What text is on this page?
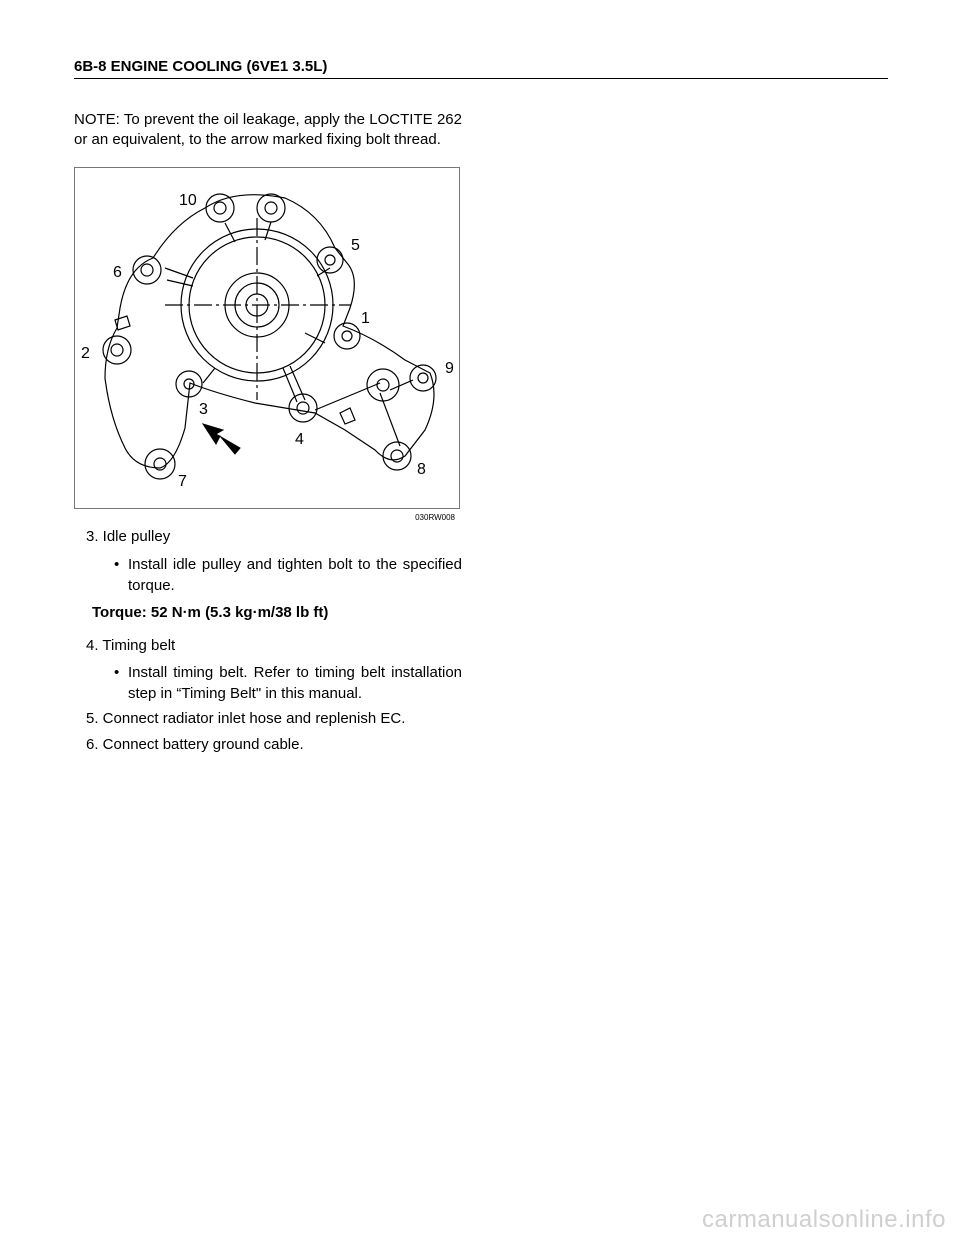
6B-8 ENGINE COOLING (6VE1 3.5L)
NOTE: To prevent the oil leakage, apply the LOCTITE 262 or an equivalent, to the arrow marked fixing bolt thread.
10
5
6
1
2
9
3
4
8
7
030RW008
3. Idle pulley
• Install idle pulley and tighten bolt to the specified torque.
Torque: 52 N·m (5.3 kg·m/38 lb ft)
4. Timing belt
• Install timing belt. Refer to timing belt installation step in “Timing Belt" in this manual.
5. Connect radiator inlet hose and replenish EC.
6. Connect battery ground cable.
carmanualsonline.info
